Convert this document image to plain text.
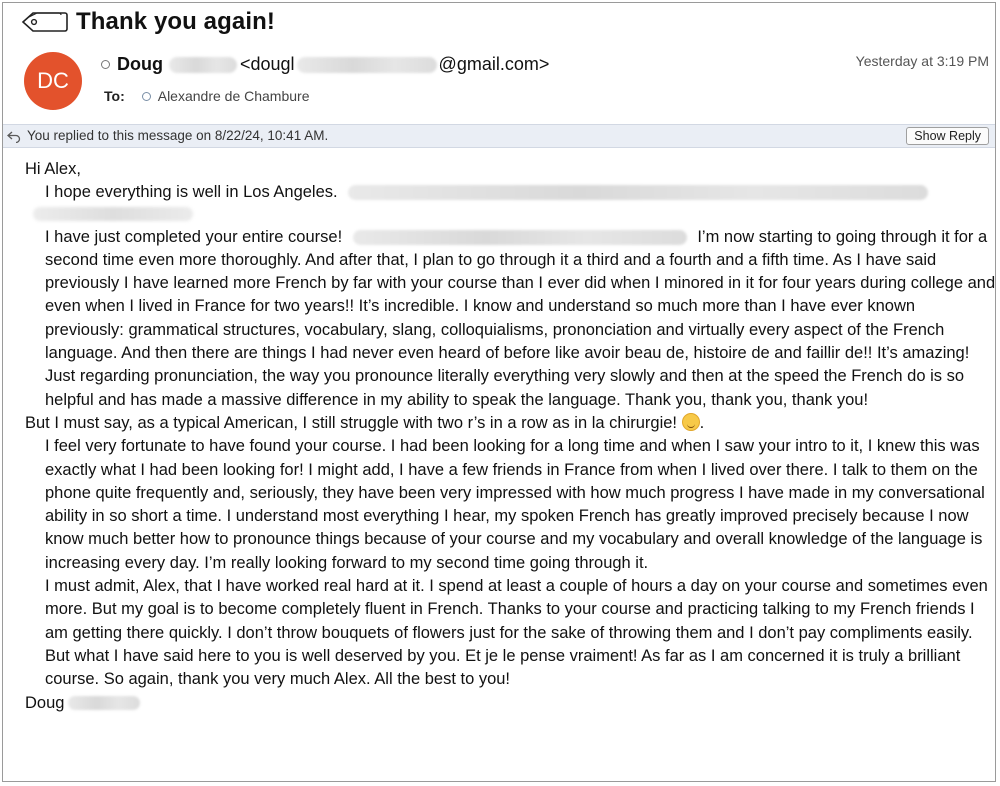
Thank you again!
DC
Doug	<dougl	@gmail.com>
To: Alexandre de Chambure
Yesterday at 3:19 PM
You replied to this message on 8/22/24, 10:41 AM.	Show Reply

Hi Alex,

I hope everything is well in Los Angeles.

I have just completed your entire course!	I’m now starting to going through it for a second time even more thoroughly. And after that, I plan to go through it a third and a fourth and a fifth time. As I have said previously I have learned more French by far with your course than I ever did when I minored in it for four years during college and even when I lived in France for two years!! It’s incredible. I know and understand so much more than I have ever known previously: grammatical structures, vocabulary, slang, colloquialisms, prononciation and virtually every aspect of the French language. And then there are things I had never even heard of before like avoir beau de, histoire de and faillir de!! It’s amazing!

Just regarding pronunciation, the way you pronounce literally everything very slowly and then at the speed the French do is so helpful and has made a massive difference in my ability to speak the language. Thank you, thank you, thank you!

But I must say, as a typical American, I still struggle with two r’s in a row as in la chirurgie! .

I feel very fortunate to have found your course. I had been looking for a long time and when I saw your intro to it, I knew this was exactly what I had been looking for! I might add, I have a few friends in France from when I lived over there. I talk to them on the phone quite frequently and, seriously, they have been very impressed with how much progress I have made in my conversational ability in so short a time. I understand most everything I hear, my spoken French has greatly improved precisely because I now know much better how to pronounce things because of your course and my vocabulary and overall knowledge of the language is increasing every day. I’m really looking forward to my second time going through it.

I must admit, Alex, that I have worked real hard at it. I spend at least a couple of hours a day on your course and sometimes even more. But my goal is to become completely fluent in French. Thanks to your course and practicing talking to my French friends I am getting there quickly. I don’t throw bouquets of flowers just for the sake of throwing them and I don’t pay compliments easily. But what I have said here to you is well deserved by you. Et je le pense vraiment! As far as I am concerned it is truly a brilliant course. So again, thank you very much Alex. All the best to you!

Doug
